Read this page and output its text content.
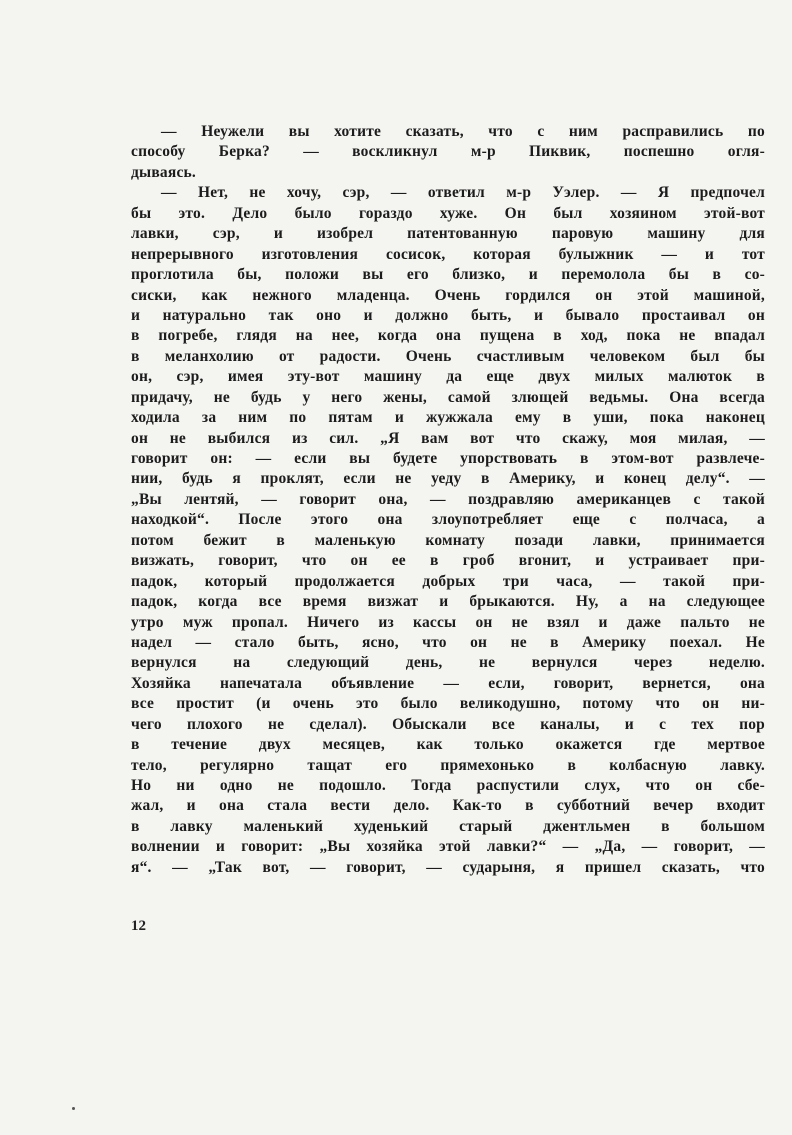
— Неужели вы хотите сказать, что с ним расправились по
способу Берка? — воскликнул м-р Пиквик, поспешно огля-
дываясь.
— Нет, не хочу, сэр, — ответил м-р Уэлер. — Я предпочел
бы это. Дело было гораздо хуже. Он был хозяином этой-вот
лавки, сэр, и изобрел патентованную паровую машину для
непрерывного изготовления сосисок, которая булыжник — и тот
проглотила бы, положи вы его близко, и перемолола бы в со-
сиски, как нежного младенца. Очень гордился он этой машиной,
и натурально так оно и должно быть, и бывало простаивал он
в погребе, глядя на нее, когда она пущена в ход, пока не впадал
в меланхолию от радости. Очень счастливым человеком был бы
он, сэр, имея эту-вот машину да еще двух милых малюток в
придачу, не будь у него жены, самой злющей ведьмы. Она всегда
ходила за ним по пятам и жужжала ему в уши, пока наконец
он не выбился из сил. „Я вам вот что скажу, моя милая, —
говорит он: — если вы будете упорствовать в этом-вот развлече-
нии, будь я проклят, если не уеду в Америку, и конец делу“. —
„Вы лентяй, — говорит она, — поздравляю американцев с такой
находкой“. После этого она злоупотребляет еще с полчаса, а
потом бежит в маленькую комнату позади лавки, принимается
визжать, говорит, что он ее в гроб вгонит, и устраивает при-
падок, который продолжается добрых три часа, — такой при-
падок, когда все время визжат и брыкаются. Ну, а на следующее
утро муж пропал. Ничего из кассы он не взял и даже пальто не
надел — стало быть, ясно, что он не в Америку поехал. Не
вернулся на следующий день, не вернулся через неделю.
Хозяйка напечатала объявление — если, говорит, вернется, она
все простит (и очень это было великодушно, потому что он ни-
чего плохого не сделал). Обыскали все каналы, и с тех пор
в течение двух месяцев, как только окажется где мертвое
тело, регулярно тащат его прямехонько в колбасную лавку.
Но ни одно не подошло. Тогда распустили слух, что он сбе-
жал, и она стала вести дело. Как-то в субботний вечер входит
в лавку маленький худенький старый джентльмен в большом
волнении и говорит: „Вы хозяйка этой лавки?“ — „Да, — говорит, —
я“. — „Так вот, — говорит, — сударыня, я пришел сказать, что
12
